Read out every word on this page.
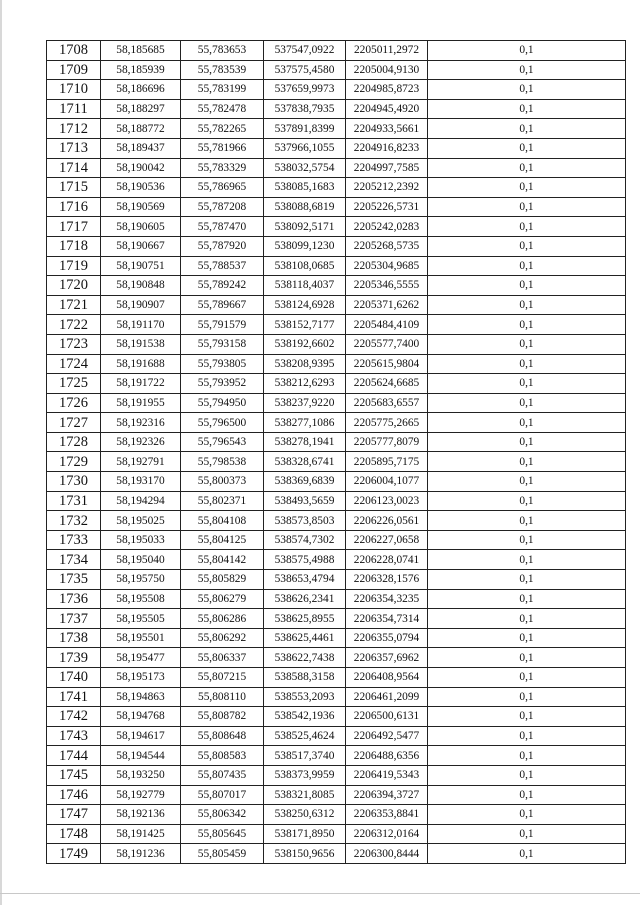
1708	58,185685	55,783653	537547,0922	2205011,2972	0,1
1709	58,185939	55,783539	537575,4580	2205004,9130	0,1
1710	58,186696	55,783199	537659,9973	2204985,8723	0,1
1711	58,188297	55,782478	537838,7935	2204945,4920	0,1
1712	58,188772	55,782265	537891,8399	2204933,5661	0,1
1713	58,189437	55,781966	537966,1055	2204916,8233	0,1
1714	58,190042	55,783329	538032,5754	2204997,7585	0,1
1715	58,190536	55,786965	538085,1683	2205212,2392	0,1
1716	58,190569	55,787208	538088,6819	2205226,5731	0,1
1717	58,190605	55,787470	538092,5171	2205242,0283	0,1
1718	58,190667	55,787920	538099,1230	2205268,5735	0,1
1719	58,190751	55,788537	538108,0685	2205304,9685	0,1
1720	58,190848	55,789242	538118,4037	2205346,5555	0,1
1721	58,190907	55,789667	538124,6928	2205371,6262	0,1
1722	58,191170	55,791579	538152,7177	2205484,4109	0,1
1723	58,191538	55,793158	538192,6602	2205577,7400	0,1
1724	58,191688	55,793805	538208,9395	2205615,9804	0,1
1725	58,191722	55,793952	538212,6293	2205624,6685	0,1
1726	58,191955	55,794950	538237,9220	2205683,6557	0,1
1727	58,192316	55,796500	538277,1086	2205775,2665	0,1
1728	58,192326	55,796543	538278,1941	2205777,8079	0,1
1729	58,192791	55,798538	538328,6741	2205895,7175	0,1
1730	58,193170	55,800373	538369,6839	2206004,1077	0,1
1731	58,194294	55,802371	538493,5659	2206123,0023	0,1
1732	58,195025	55,804108	538573,8503	2206226,0561	0,1
1733	58,195033	55,804125	538574,7302	2206227,0658	0,1
1734	58,195040	55,804142	538575,4988	2206228,0741	0,1
1735	58,195750	55,805829	538653,4794	2206328,1576	0,1
1736	58,195508	55,806279	538626,2341	2206354,3235	0,1
1737	58,195505	55,806286	538625,8955	2206354,7314	0,1
1738	58,195501	55,806292	538625,4461	2206355,0794	0,1
1739	58,195477	55,806337	538622,7438	2206357,6962	0,1
1740	58,195173	55,807215	538588,3158	2206408,9564	0,1
1741	58,194863	55,808110	538553,2093	2206461,2099	0,1
1742	58,194768	55,808782	538542,1936	2206500,6131	0,1
1743	58,194617	55,808648	538525,4624	2206492,5477	0,1
1744	58,194544	55,808583	538517,3740	2206488,6356	0,1
1745	58,193250	55,807435	538373,9959	2206419,5343	0,1
1746	58,192779	55,807017	538321,8085	2206394,3727	0,1
1747	58,192136	55,806342	538250,6312	2206353,8841	0,1
1748	58,191425	55,805645	538171,8950	2206312,0164	0,1
1749	58,191236	55,805459	538150,9656	2206300,8444	0,1
